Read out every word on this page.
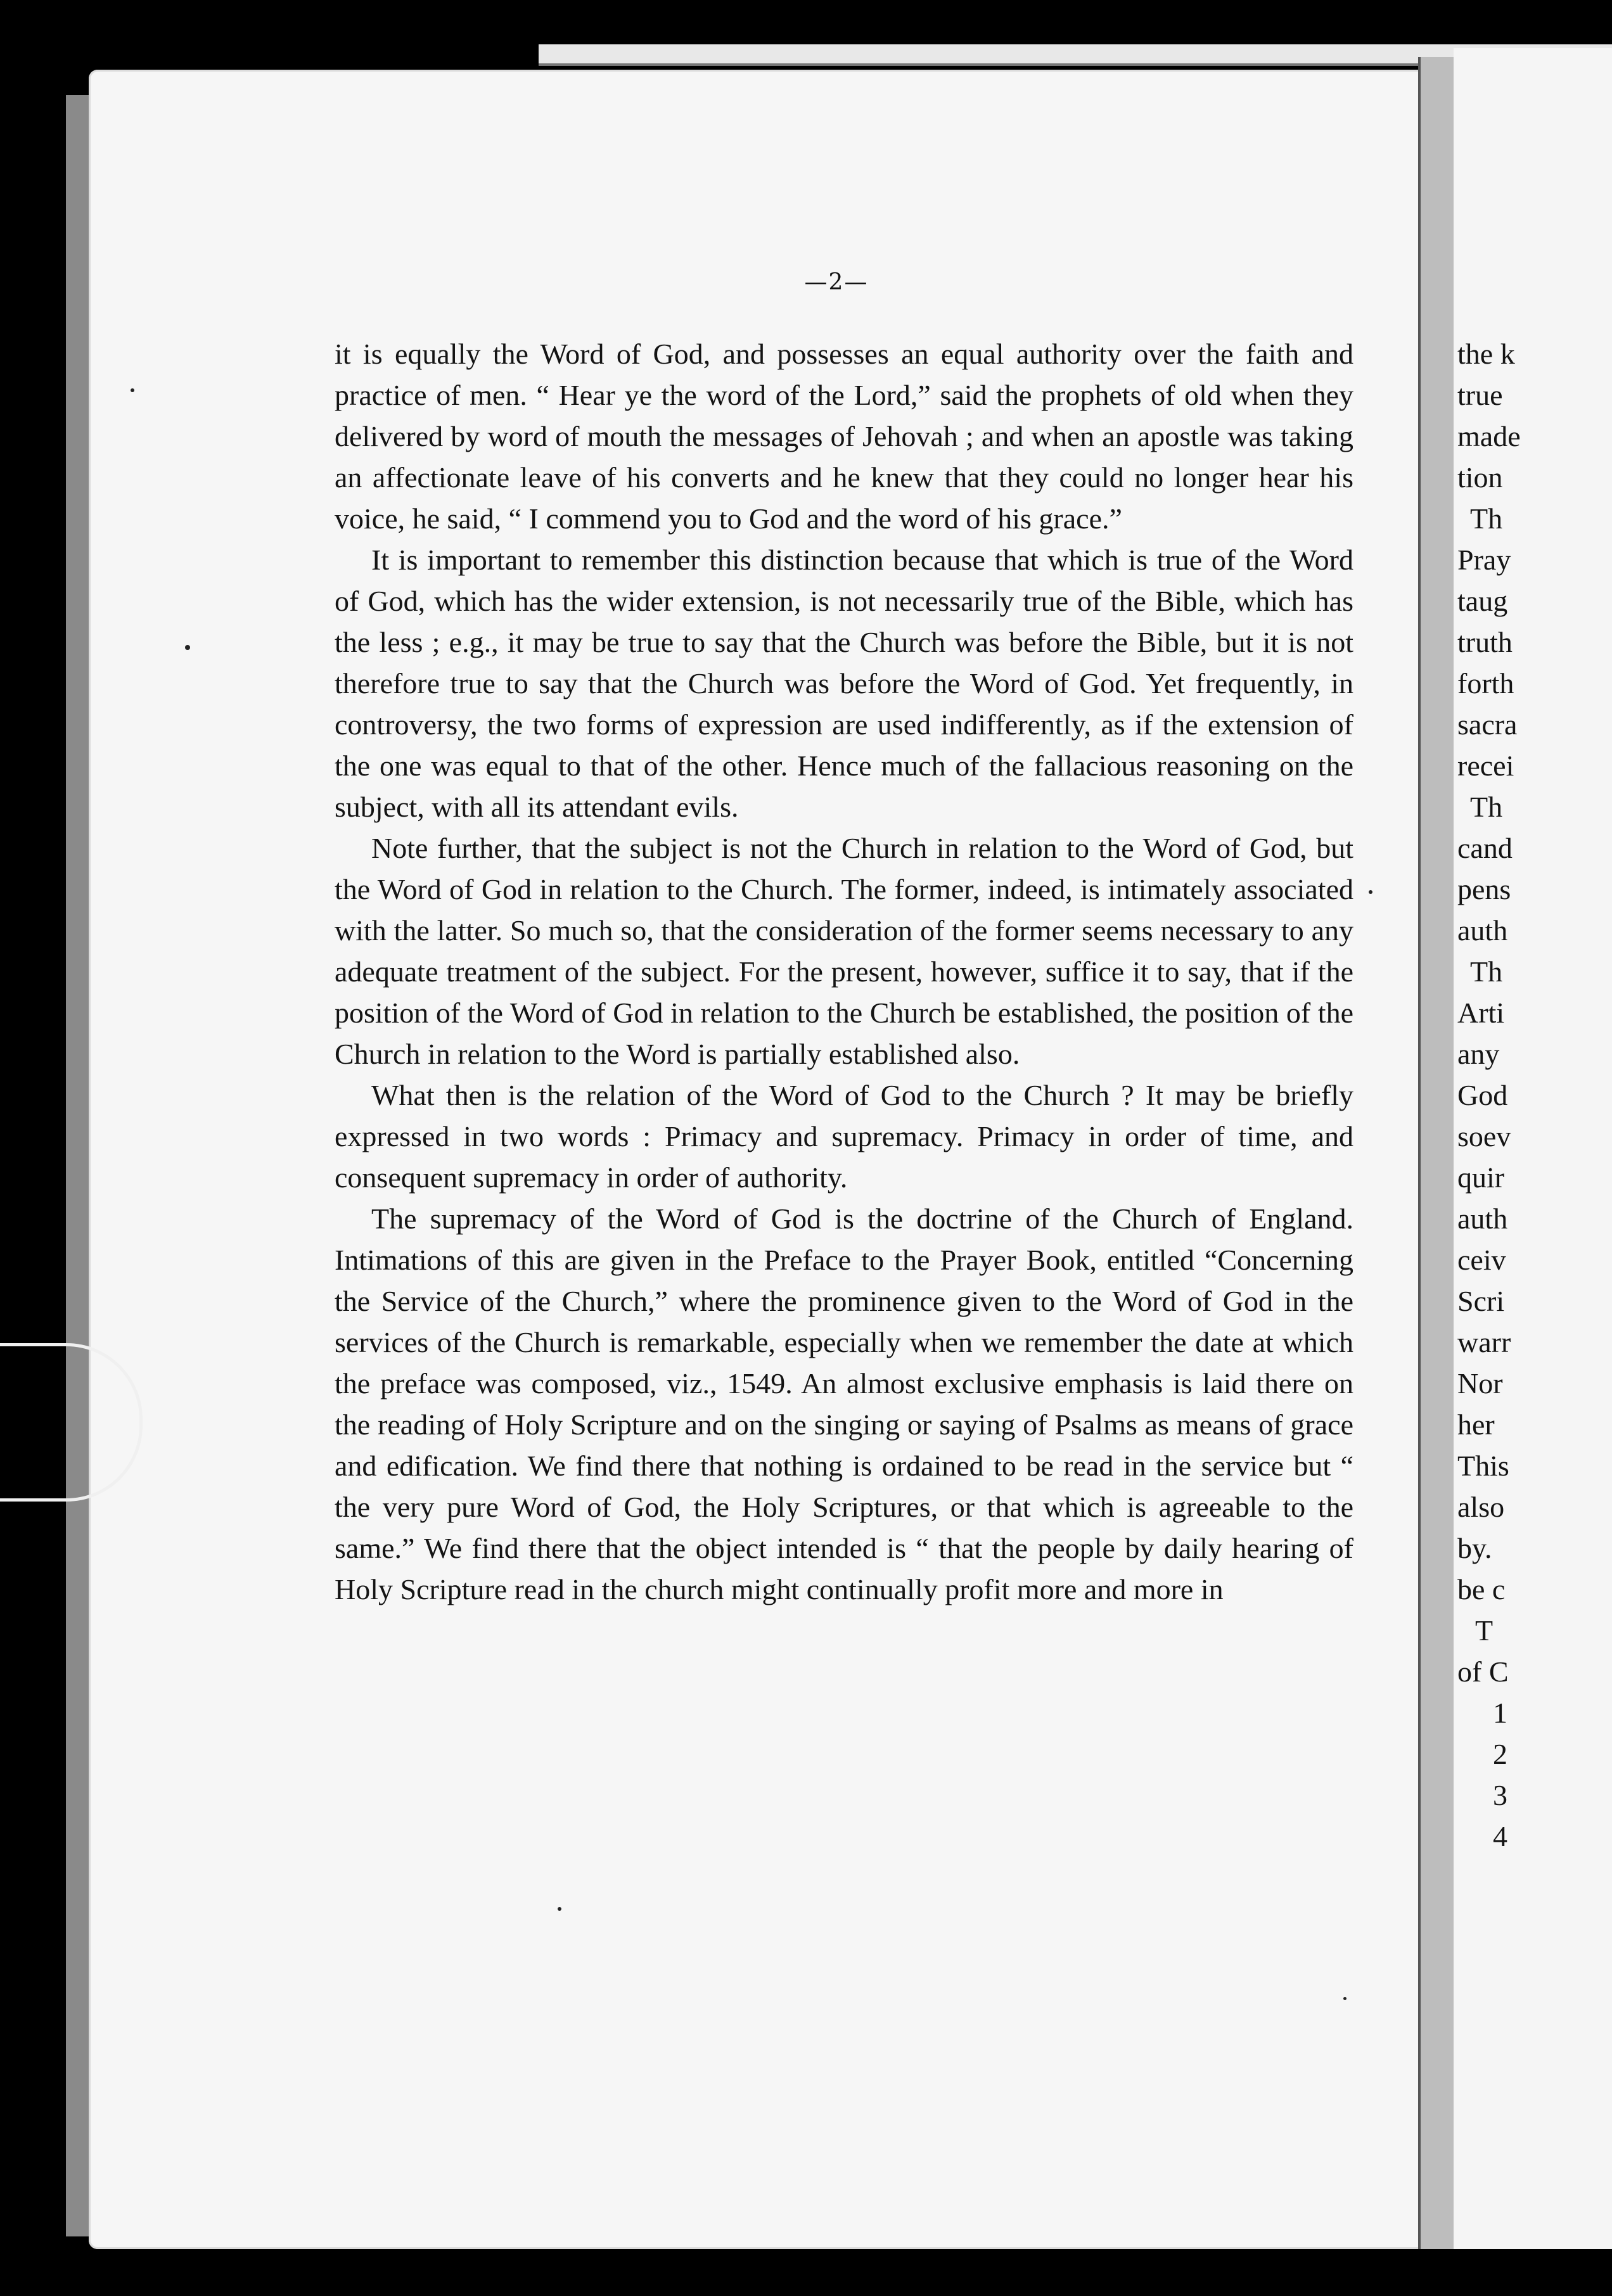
—2—

it is equally the Word of God, and possesses an equal authority over the faith and practice of men. “ Hear ye the word of the Lord,” said the prophets of old when they delivered by word of mouth the messages of Jehovah ; and when an apostle was taking an affectionate leave of his converts and he knew that they could no longer hear his voice, he said, “ I commend you to God and the word of his grace.”

It is important to remember this distinction because that which is true of the Word of God, which has the wider extension, is not necessarily true of the Bible, which has the less ; e.g., it may be true to say that the Church was before the Bible, but it is not therefore true to say that the Church was before the Word of God. Yet frequently, in controversy, the two forms of expression are used indifferently, as if the extension of the one was equal to that of the other. Hence much of the fallacious reasoning on the subject, with all its attendant evils.

Note further, that the subject is not the Church in relation to the Word of God, but the Word of God in relation to the Church. The former, indeed, is intimately associated with the latter. So much so, that the consideration of the former seems necessary to any adequate treatment of the subject. For the present, however, suffice it to say, that if the position of the Word of God in relation to the Church be established, the position of the Church in relation to the Word is partially established also.

What then is the relation of the Word of God to the Church ? It may be briefly expressed in two words : Primacy and supremacy. Primacy in order of time, and consequent supremacy in order of authority.

The supremacy of the Word of God is the doctrine of the Church of England. Intimations of this are given in the Preface to the Prayer Book, entitled “Concerning the Service of the Church,” where the prominence given to the Word of God in the services of the Church is remarkable, especially when we remember the date at which the preface was composed, viz., 1549. An almost exclusive emphasis is laid there on the reading of Holy Scripture and on the singing or saying of Psalms as means of grace and edification. We find there that nothing is ordained to be read in the service but “ the very pure Word of God, the Holy Scriptures, or that which is agreeable to the same.” We find there that the object intended is “ that the people by daily hearing of Holy Scripture read in the church might continually profit more and more in

the k
true
made
tion
Th
Pray
taug
truth
forth
sacra
recei
Th
cand
pens
auth
Th
Arti
any
God
soev
quir
auth
ceiv
Scri
warr
Nor
her
This
also
by.
be c
T
of C
1
2
3
4
